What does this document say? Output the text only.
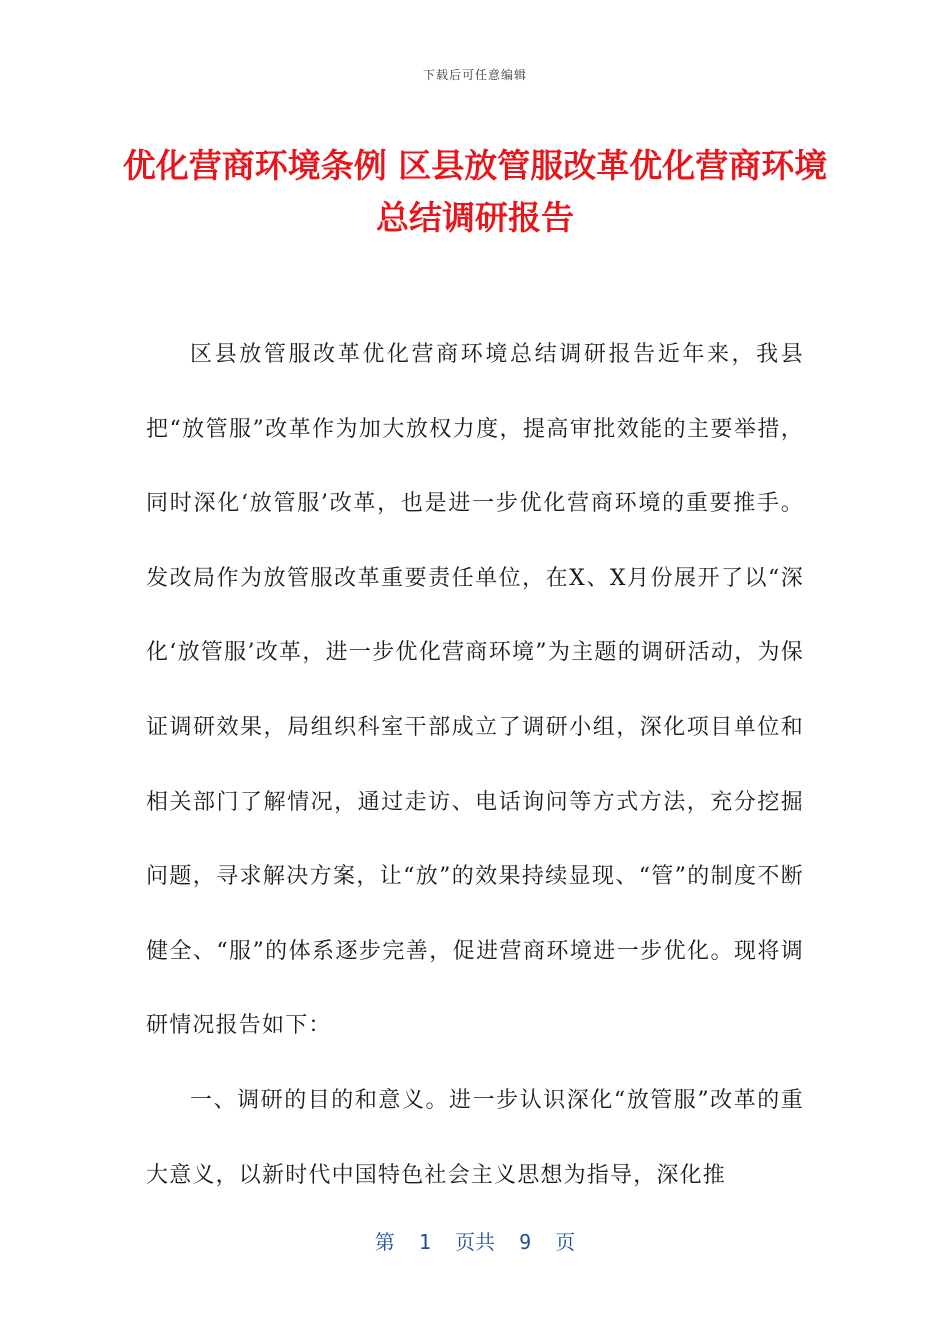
下载后可任意编辑
优化营商环境条例 区县放管服改革优化营商环境总结调研报告

区县放管服改革优化营商环境总结调研报告近年来，我县把“放管服”改革作为加大放权力度，提高审批效能的主要举措，同时深化‘放管服’改革，也是进一步优化营商环境的重要推手。发改局作为放管服改革重要责任单位，在X、X月份展开了以“深化‘放管服’改革，进一步优化营商环境”为主题的调研活动，为保证调研效果，局组织科室干部成立了调研小组，深化项目单位和相关部门了解情况，通过走访、电话询问等方式方法，充分挖掘问题，寻求解决方案，让“放”的效果持续显现、“管”的制度不断健全、“服”的体系逐步完善，促进营商环境进一步优化。现将调研情况报告如下：

一、调研的目的和意义。进一步认识深化“放管服”改革的重大意义，以新时代中国特色社会主义思想为指导，深化推

第  1  页共  9  页
